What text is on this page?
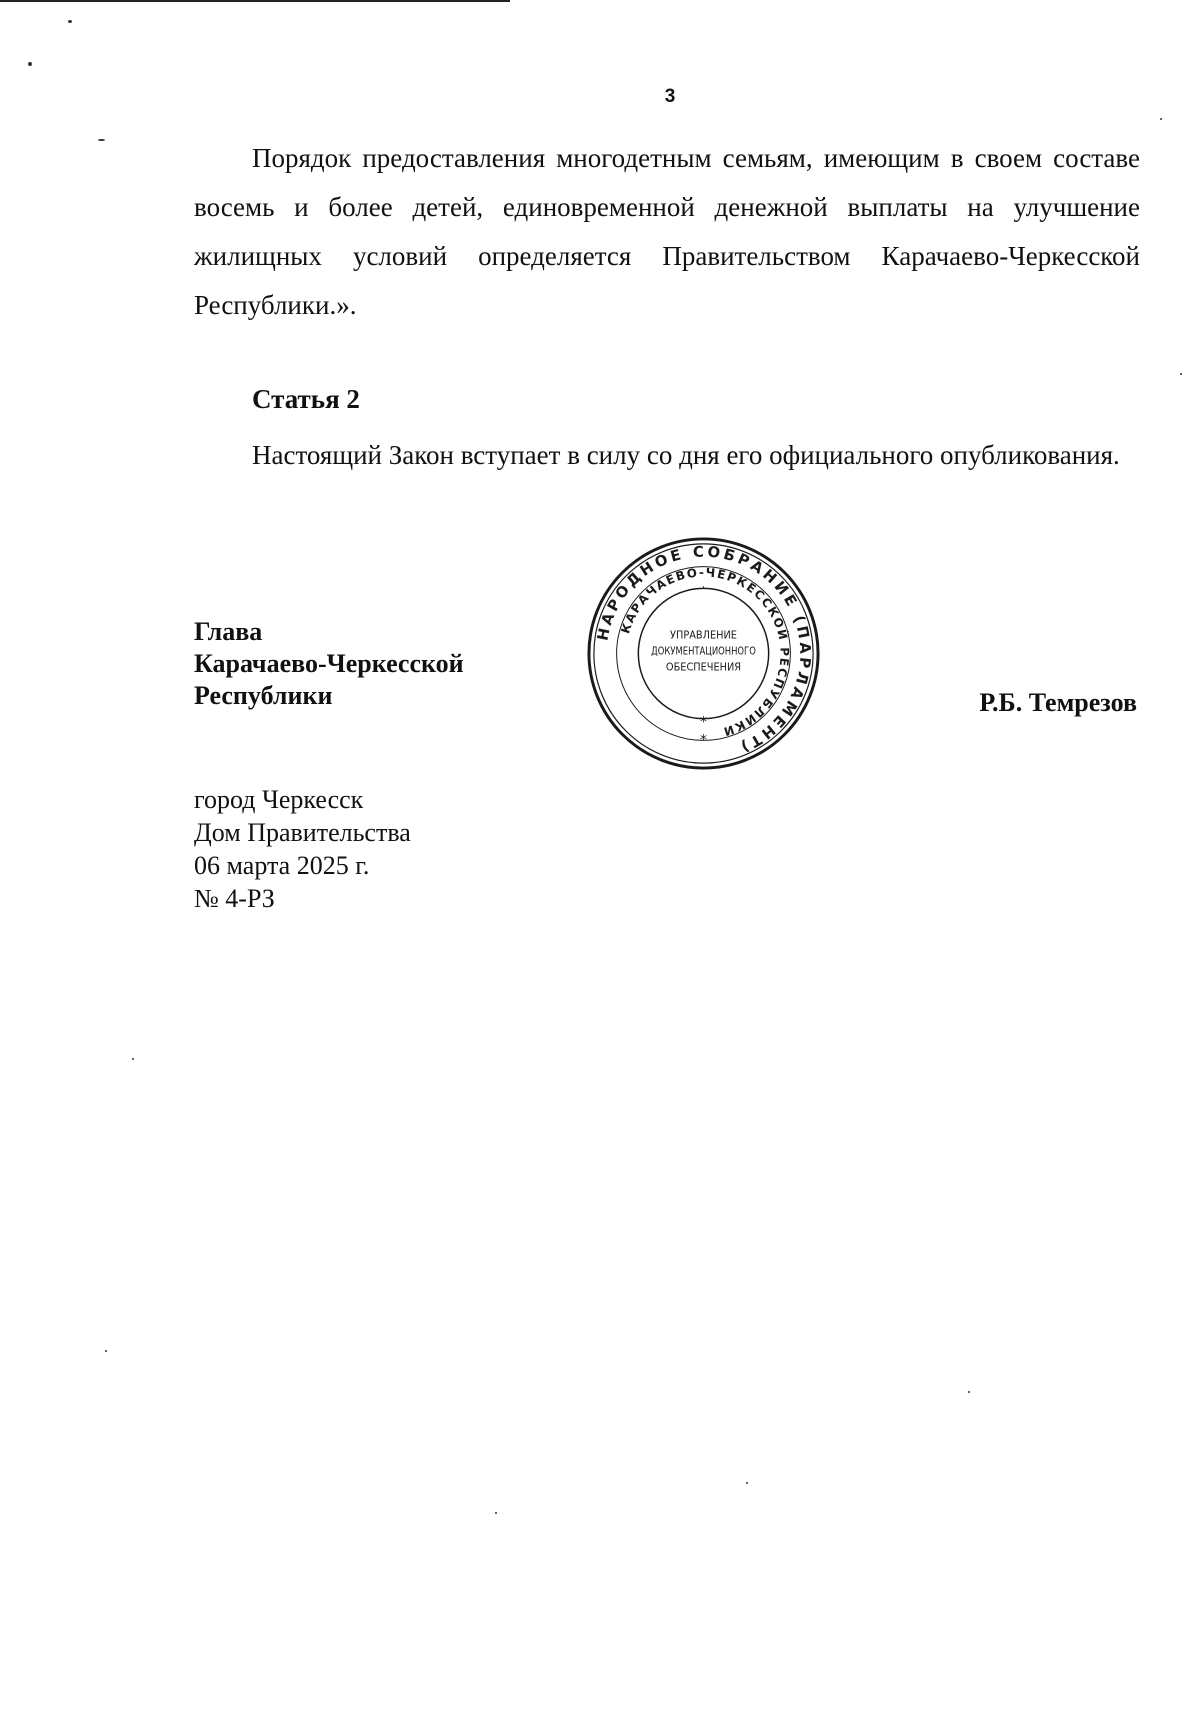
3
Порядок предоставления многодетным семьям, имеющим в своем составе восемь и более детей, единовременной денежной выплаты на улучшение жилищных условий определяется Правительством Карачаево-Черкесской Республики.».
Статья 2
Настоящий Закон вступает в силу со дня его официального опубликования.
Глава
Карачаево-Черкесской
Республики
НАРОДНОЕ СОБРАНИЕ (ПАРЛАМЕНТ)
КАРАЧАЕВО-ЧЕРКЕССКОЙ РЕСПУБЛИКИ
УПРАВЛЕНИЕ
ДОКУМЕНТАЦИОННОГО
ОБЕСПЕЧЕНИЯ
*
*
·
Р.Б. Темрезов
город Черкесск
Дом Правительства
06 марта 2025 г.
№ 4-РЗ
